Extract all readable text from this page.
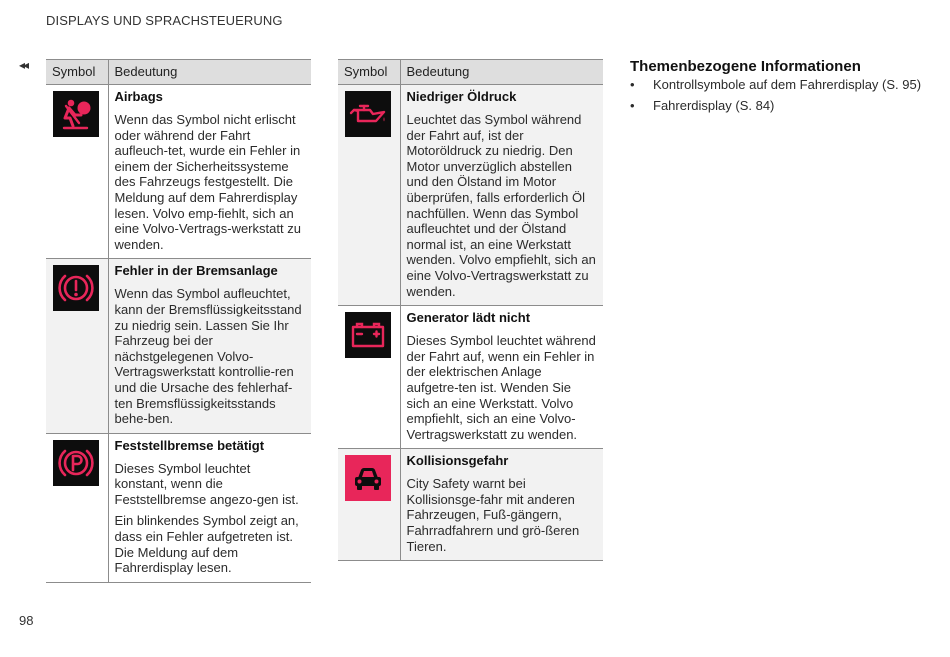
DISPLAYS UND SPRACHSTEUERUNG
◂◂ Symbol	Bedeutung

Airbags

Wenn das Symbol nicht erlischt oder während der Fahrt aufleuch-tet, wurde ein Fehler in einem der Sicherheitssysteme des Fahrzeugs festgestellt. Die Meldung auf dem Fahrerdisplay lesen. Volvo emp-fiehlt, sich an eine Volvo-Vertrags-werkstatt zu wenden.

Fehler in der Bremsanlage

Wenn das Symbol aufleuchtet, kann der Bremsflüssigkeitsstand zu niedrig sein. Lassen Sie Ihr Fahrzeug bei der nächstgelegenen Volvo-Vertragswerkstatt kontrollie-ren und die Ursache des fehlerhaf-ten Bremsflüssigkeitsstands behe-ben.

Feststellbremse betätigt

Dieses Symbol leuchtet konstant, wenn die Feststellbremse angezo-gen ist.

Ein blinkendes Symbol zeigt an, dass ein Fehler aufgetreten ist. Die Meldung auf dem Fahrerdisplay lesen.

Symbol	Bedeutung

Niedriger Öldruck

Leuchtet das Symbol während der Fahrt auf, ist der Motoröldruck zu niedrig. Den Motor unverzüglich abstellen und den Ölstand im Motor überprüfen, falls erforderlich Öl nachfüllen. Wenn das Symbol aufleuchtet und der Ölstand normal ist, an eine Werkstatt wenden. Volvo empfiehlt, sich an eine Volvo-Vertragswerkstatt zu wenden.

Generator lädt nicht

Dieses Symbol leuchtet während der Fahrt auf, wenn ein Fehler in der elektrischen Anlage aufgetre-ten ist. Wenden Sie sich an eine Werkstatt. Volvo empfiehlt, sich an eine Volvo-Vertragswerkstatt zu wenden.

Kollisionsgefahr

City Safety warnt bei Kollisionsge-fahr mit anderen Fahrzeugen, Fuß-gängern, Fahrradfahrern und grö-ßeren Tieren.

Themenbezogene Informationen

• Kontrollsymbole auf dem Fahrerdisplay (S. 95)
• Fahrerdisplay (S. 84)
98
